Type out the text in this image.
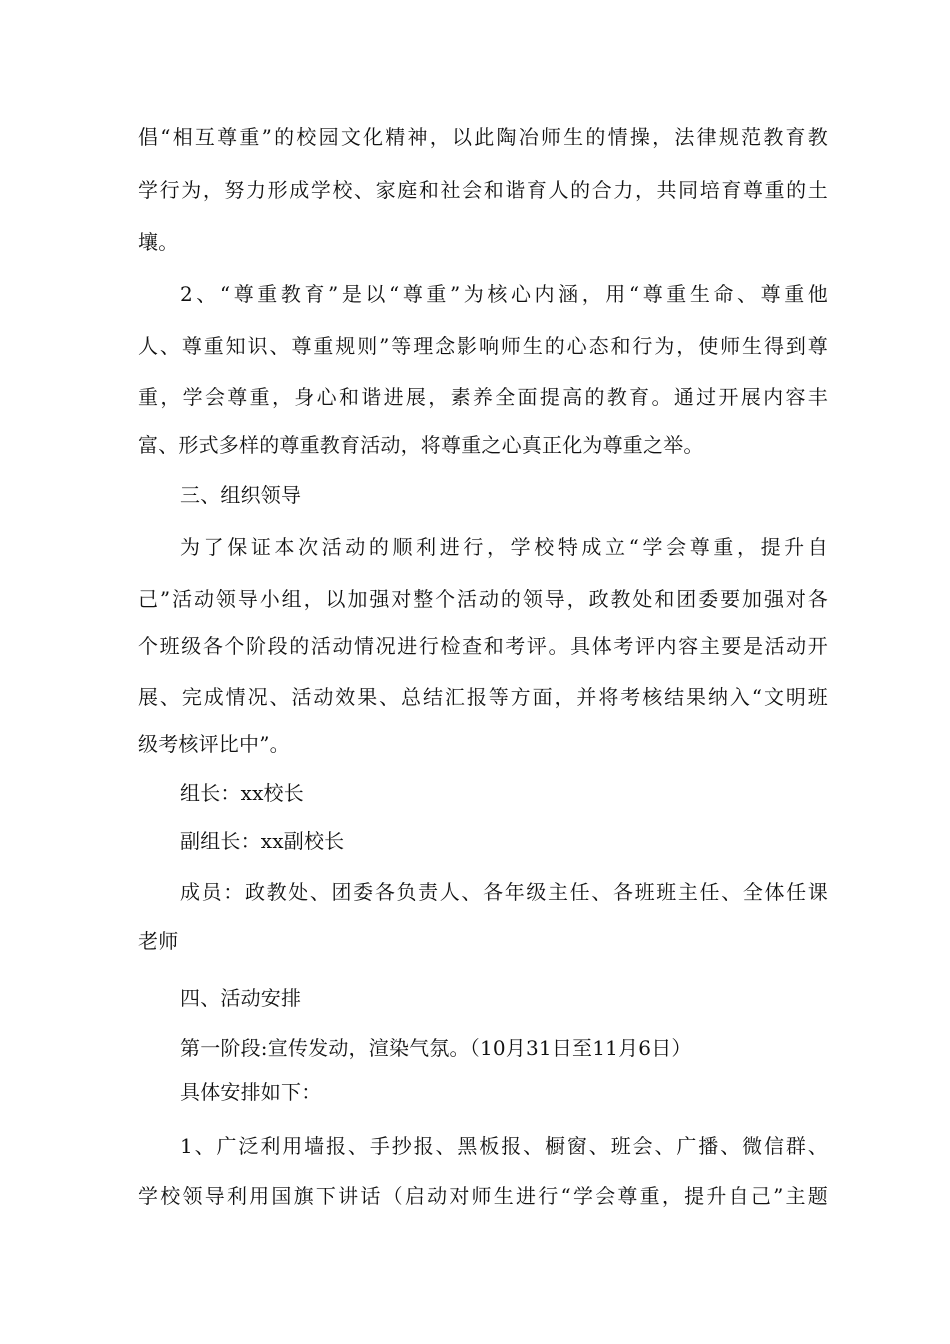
倡“相互尊重”的校园文化精神，以此陶冶师生的情操，法律规范教育教
学行为，努力形成学校、家庭和社会和谐育人的合力，共同培育尊重的土
壤。
2、“尊重教育”是以“尊重”为核心内涵，用“尊重生命、尊重他
人、尊重知识、尊重规则”等理念影响师生的心态和行为，使师生得到尊
重，学会尊重，身心和谐进展，素养全面提高的教育。通过开展内容丰
富、形式多样的尊重教育活动，将尊重之心真正化为尊重之举。
三、组织领导
为了保证本次活动的顺利进行，学校特成立“学会尊重，提升自
己”活动领导小组，以加强对整个活动的领导，政教处和团委要加强对各
个班级各个阶段的活动情况进行检查和考评。具体考评内容主要是活动开
展、完成情况、活动效果、总结汇报等方面，并将考核结果纳入“文明班
级考核评比中”。
组长：xx校长
副组长：xx副校长
成员：政教处、团委各负责人、各年级主任、各班班主任、全体任课
老师
四、活动安排
第一阶段:宣传发动，渲染气氛。（10月31日至11月6日）
具体安排如下：
1、广泛利用墙报、手抄报、黑板报、橱窗、班会、广播、微信群、
学校领导利用国旗下讲话（启动对师生进行“学会尊重，提升自己”主题
